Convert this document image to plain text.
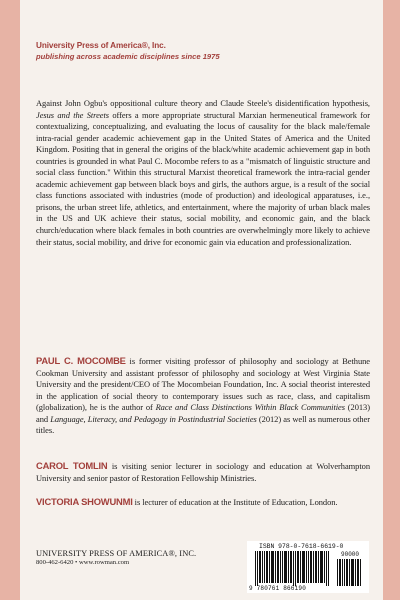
University Press of America®, Inc.
publishing across academic disciplines since 1975
Against John Ogbu's oppositional culture theory and Claude Steele's disidentification hypothesis, Jesus and the Streets offers a more appropriate structural Marxian hermeneutical framework for contextualizing, conceptualizing, and evaluating the locus of causality for the black male/female intra-racial gender academic achievement gap in the United States of America and the United Kingdom. Positing that in general the origins of the black/white academic achievement gap in both countries is grounded in what Paul C. Mocombe refers to as a "mismatch of linguistic structure and social class function." Within this structural Marxist theoretical framework the intra-racial gender academic achievement gap between black boys and girls, the authors argue, is a result of the social class functions associated with industries (mode of production) and ideological apparatuses, i.e., prisons, the urban street life, athletics, and entertainment, where the majority of urban black males in the US and UK achieve their status, social mobility, and economic gain, and the black church/education where black females in both countries are overwhelmingly more likely to achieve their status, social mobility, and drive for economic gain via education and professionalization.
PAUL C. MOCOMBE is former visiting professor of philosophy and sociology at Bethune Cookman University and assistant professor of philosophy and sociology at West Virginia State University and the president/CEO of The Mocombeian Foundation, Inc. A social theorist interested in the application of social theory to contemporary issues such as race, class, and capitalism (globalization), he is the author of Race and Class Distinctions Within Black Communities (2013) and Language, Literacy, and Pedagogy in Postindustrial Societies (2012) as well as numerous other titles.
CAROL TOMLIN is visiting senior lecturer in sociology and education at Wolverhampton University and senior pastor of Restoration Fellowship Ministries.
VICTORIA SHOWUNMI is lecturer of education at the Institute of Education, London.
UNIVERSITY PRESS OF AMERICA®, INC.
800-462-6420 • www.rowman.com
ISBN 978-0-7618-6619-0
90000
9 780761 866190
